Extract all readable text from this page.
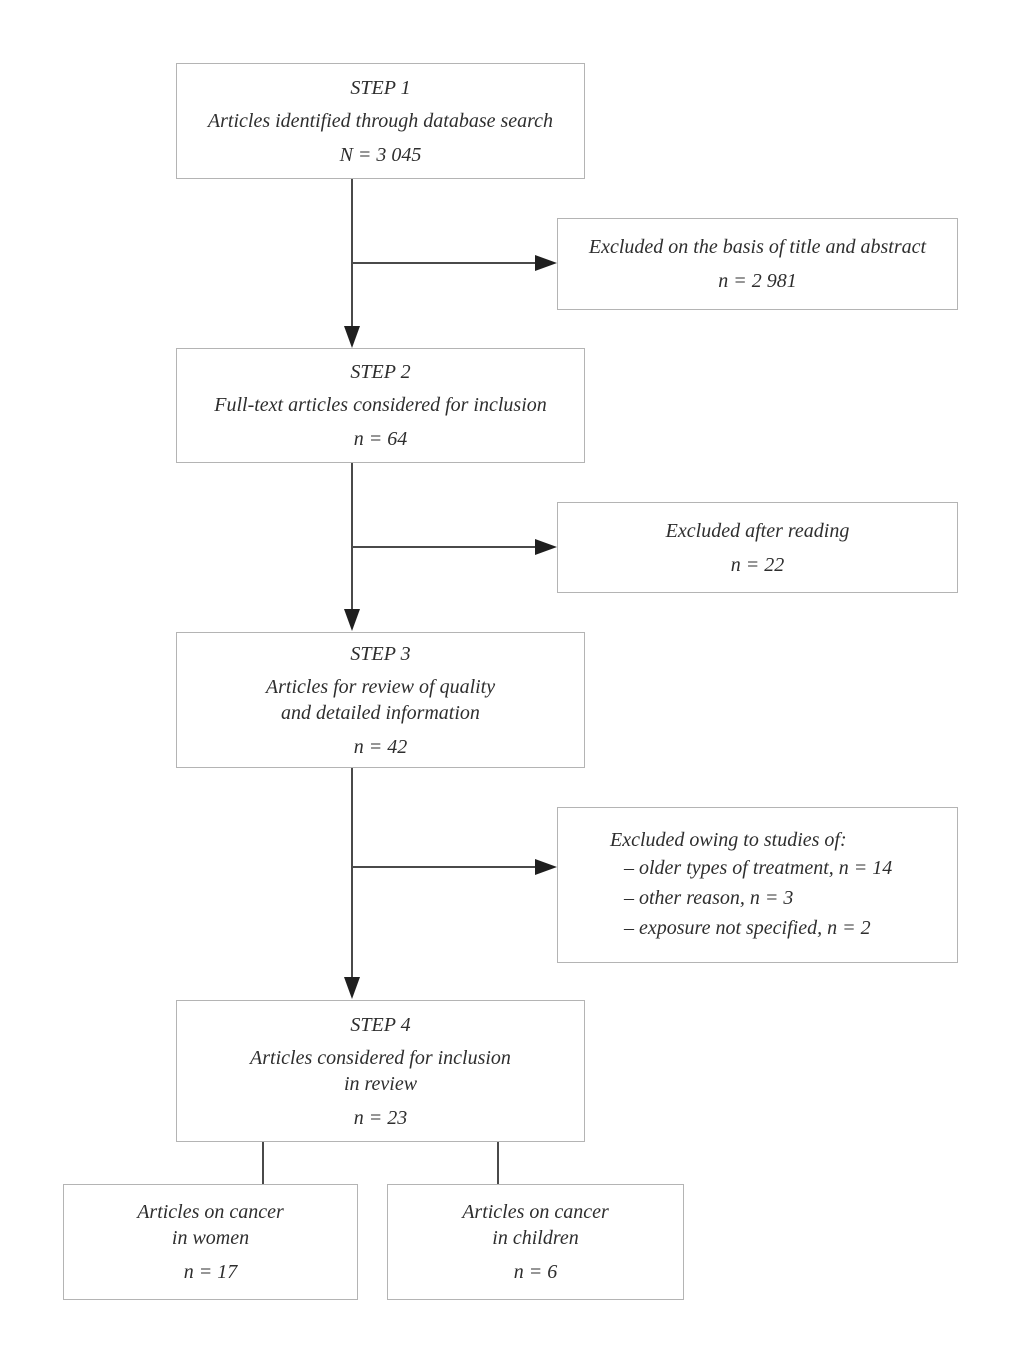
STEP 1
Articles identified through database search
N = 3 045
Excluded on the basis of title and abstract
n = 2 981
STEP 2
Full-text articles considered for inclusion
n = 64
Excluded after reading
n = 22
STEP 3
Articles for review of quality
and detailed information
n = 42
Excluded owing to studies of:
– older types of treatment, n = 14
– other reason, n = 3
– exposure not specified, n = 2
STEP 4
Articles considered for inclusion
in review
n = 23
Articles on cancer
in women
n = 17
Articles on cancer
in children
n = 6
